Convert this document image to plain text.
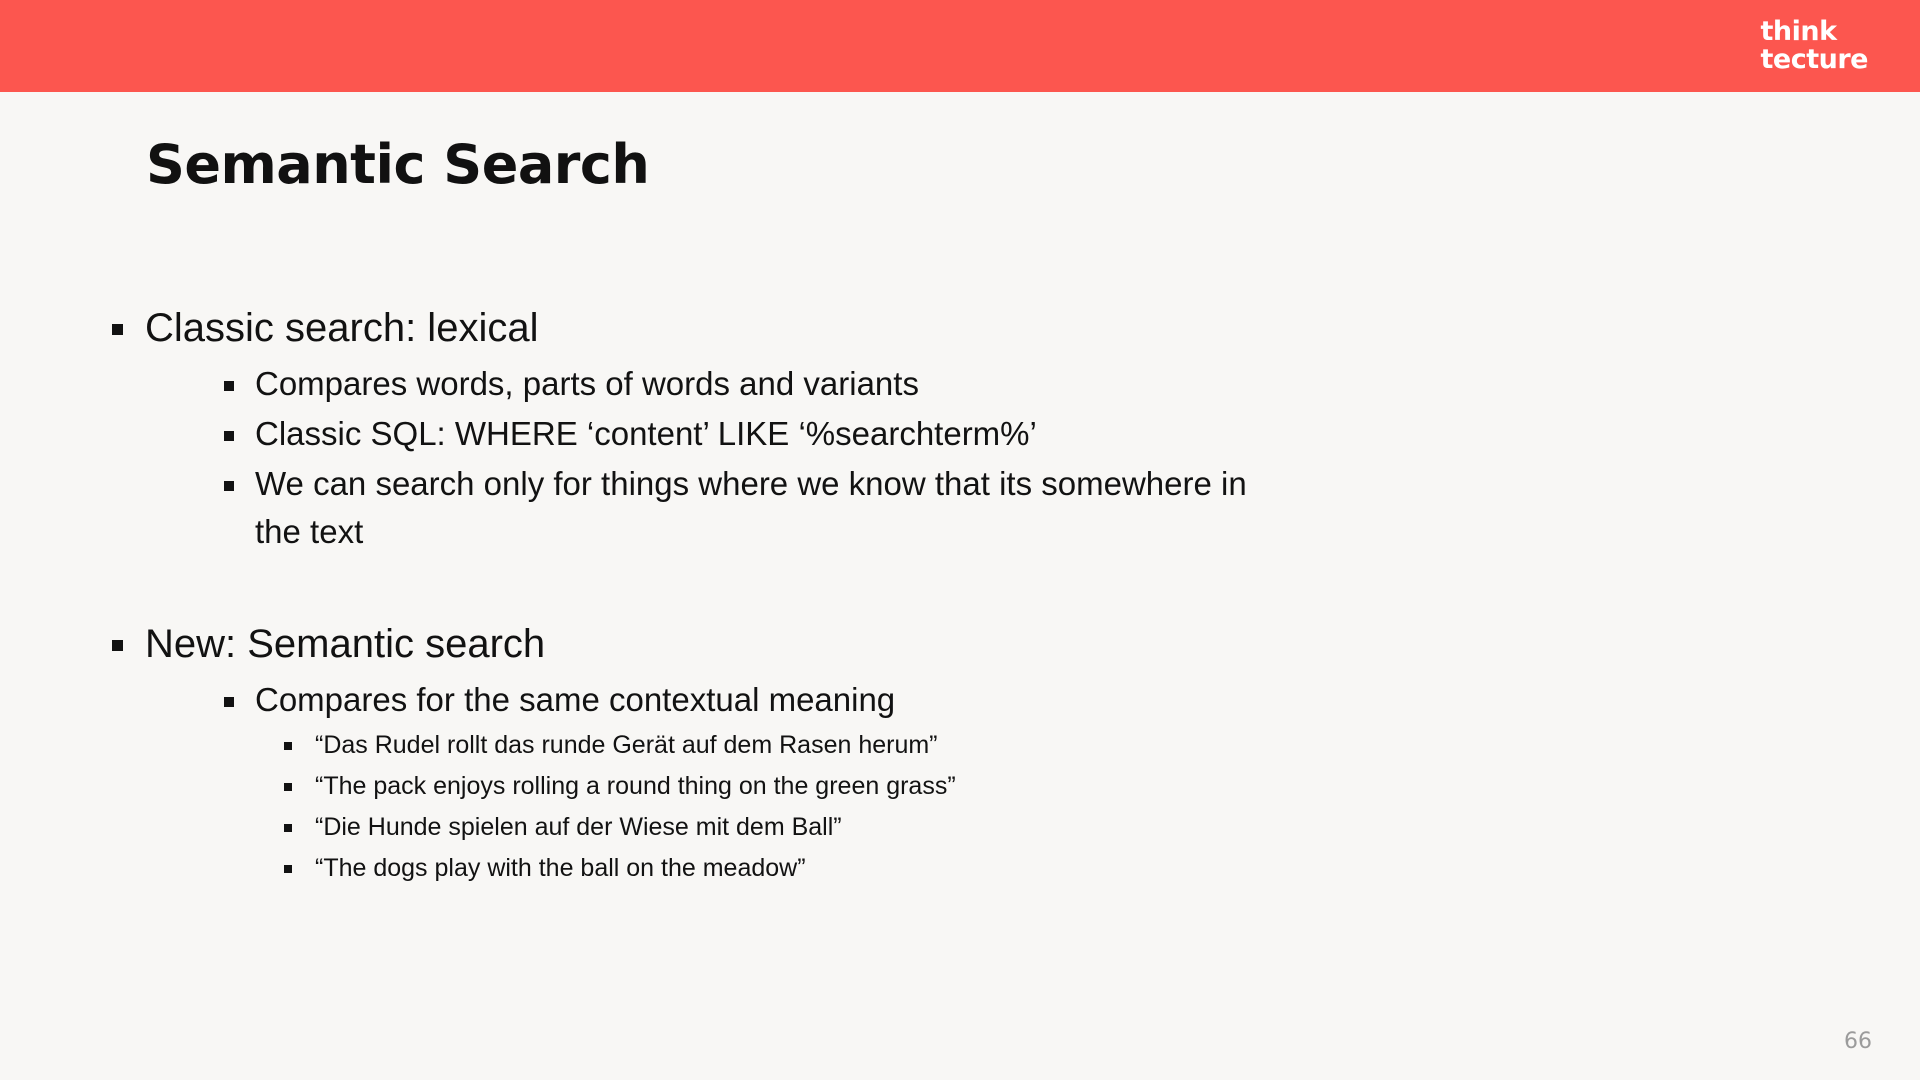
think
tecture
Semantic Search
Classic search: lexical
Compares words, parts of words and variants
Classic SQL: WHERE ‘content’ LIKE ‘%searchterm%’
We can search only for things where we know that its somewhere in the text
New: Semantic search
Compares for the same contextual meaning
“Das Rudel rollt das runde Gerät auf dem Rasen herum”
“The pack enjoys rolling a round thing on the green grass”
“Die Hunde spielen auf der Wiese mit dem Ball”
“The dogs play with the ball on the meadow”
66
